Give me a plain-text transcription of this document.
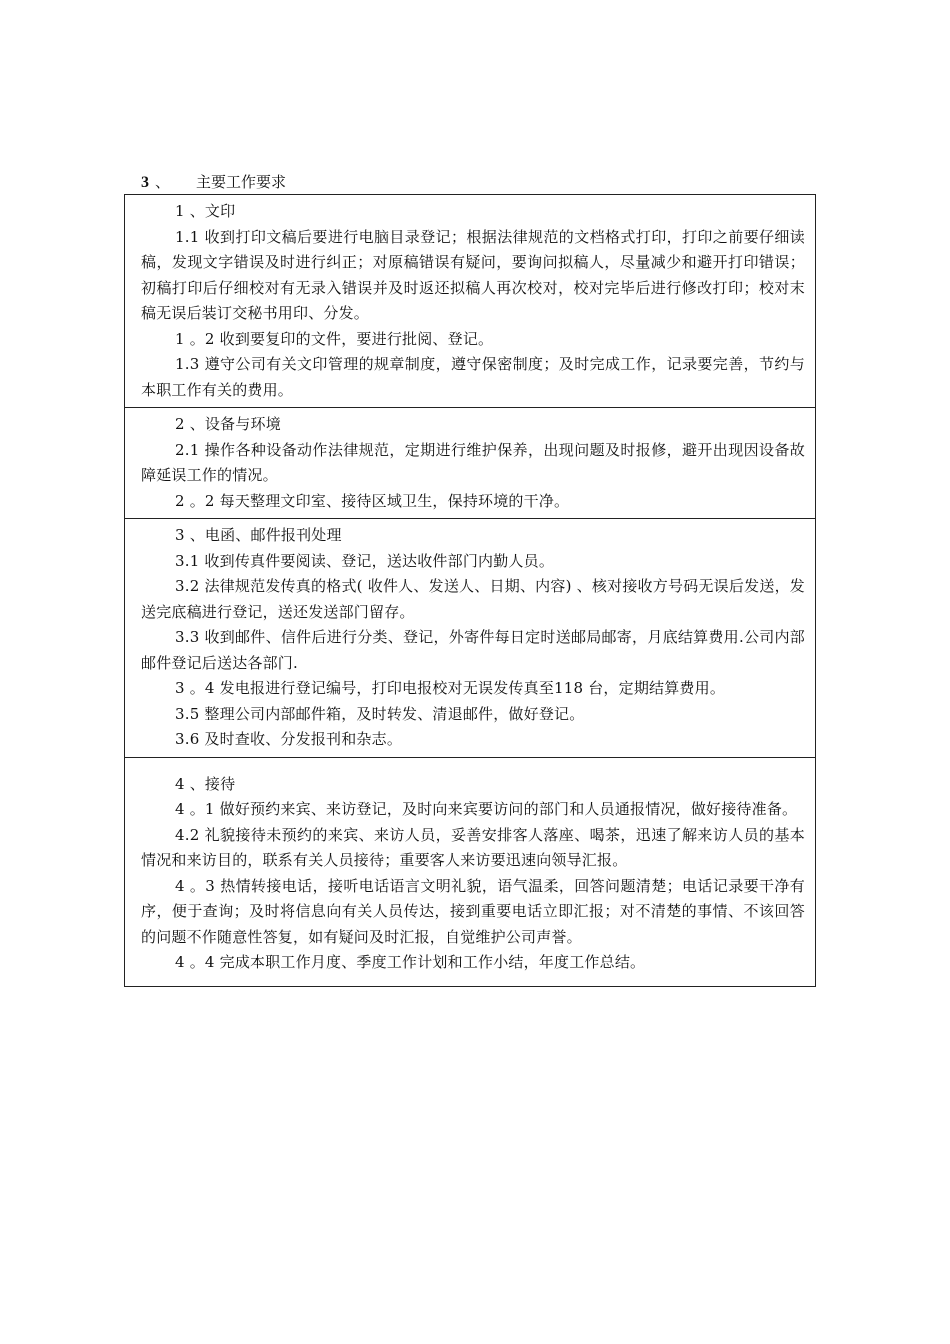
3 、 主要工作要求

1 、文印

1.1 收到打印文稿后要进行电脑目录登记；根据法律规范的文档格式打印，打印之前要仔细读稿，发现文字错误及时进行纠正；对原稿错误有疑问，要询问拟稿人，尽量减少和避开打印错误；初稿打印后仔细校对有无录入错误并及时返还拟稿人再次校对，校对完毕后进行修改打印；校对末稿无误后装订交秘书用印、分发。

1 。2 收到要复印的文件，要进行批阅、登记。

1.3 遵守公司有关文印管理的规章制度，遵守保密制度；及时完成工作，记录要完善，节约与本职工作有关的费用。

2 、设备与环境

2.1 操作各种设备动作法律规范，定期进行维护保养，出现问题及时报修，避开出现因设备故障延误工作的情况。

2 。2 每天整理文印室、接待区域卫生，保持环境的干净。

3 、电函、邮件报刊处理

3.1 收到传真件要阅读、登记，送达收件部门内勤人员。

3.2 法律规范发传真的格式( 收件人、发送人、日期、内容) 、核对接收方号码无误后发送，发送完底稿进行登记，送还发送部门留存。

3.3 收到邮件、信件后进行分类、登记，外寄件每日定时送邮局邮寄，月底结算费用.公司内部邮件登记后送达各部门.

3 。4 发电报进行登记编号，打印电报校对无误发传真至118 台，定期结算费用。

3.5 整理公司内部邮件箱，及时转发、清退邮件，做好登记。

3.6 及时查收、分发报刊和杂志。

4 、接待

4 。1 做好预约来宾、来访登记，及时向来宾要访问的部门和人员通报情况，做好接待准备。

4.2 礼貌接待未预约的来宾、来访人员，妥善安排客人落座、喝茶，迅速了解来访人员的基本情况和来访目的，联系有关人员接待；重要客人来访要迅速向领导汇报。

4 。3 热情转接电话，接听电话语言文明礼貌，语气温柔，回答问题清楚；电话记录要干净有序，便于查询；及时将信息向有关人员传达，接到重要电话立即汇报；对不清楚的事情、不该回答的问题不作随意性答复，如有疑问及时汇报，自觉维护公司声誉。

4 。4 完成本职工作月度、季度工作计划和工作小结，年度工作总结。
